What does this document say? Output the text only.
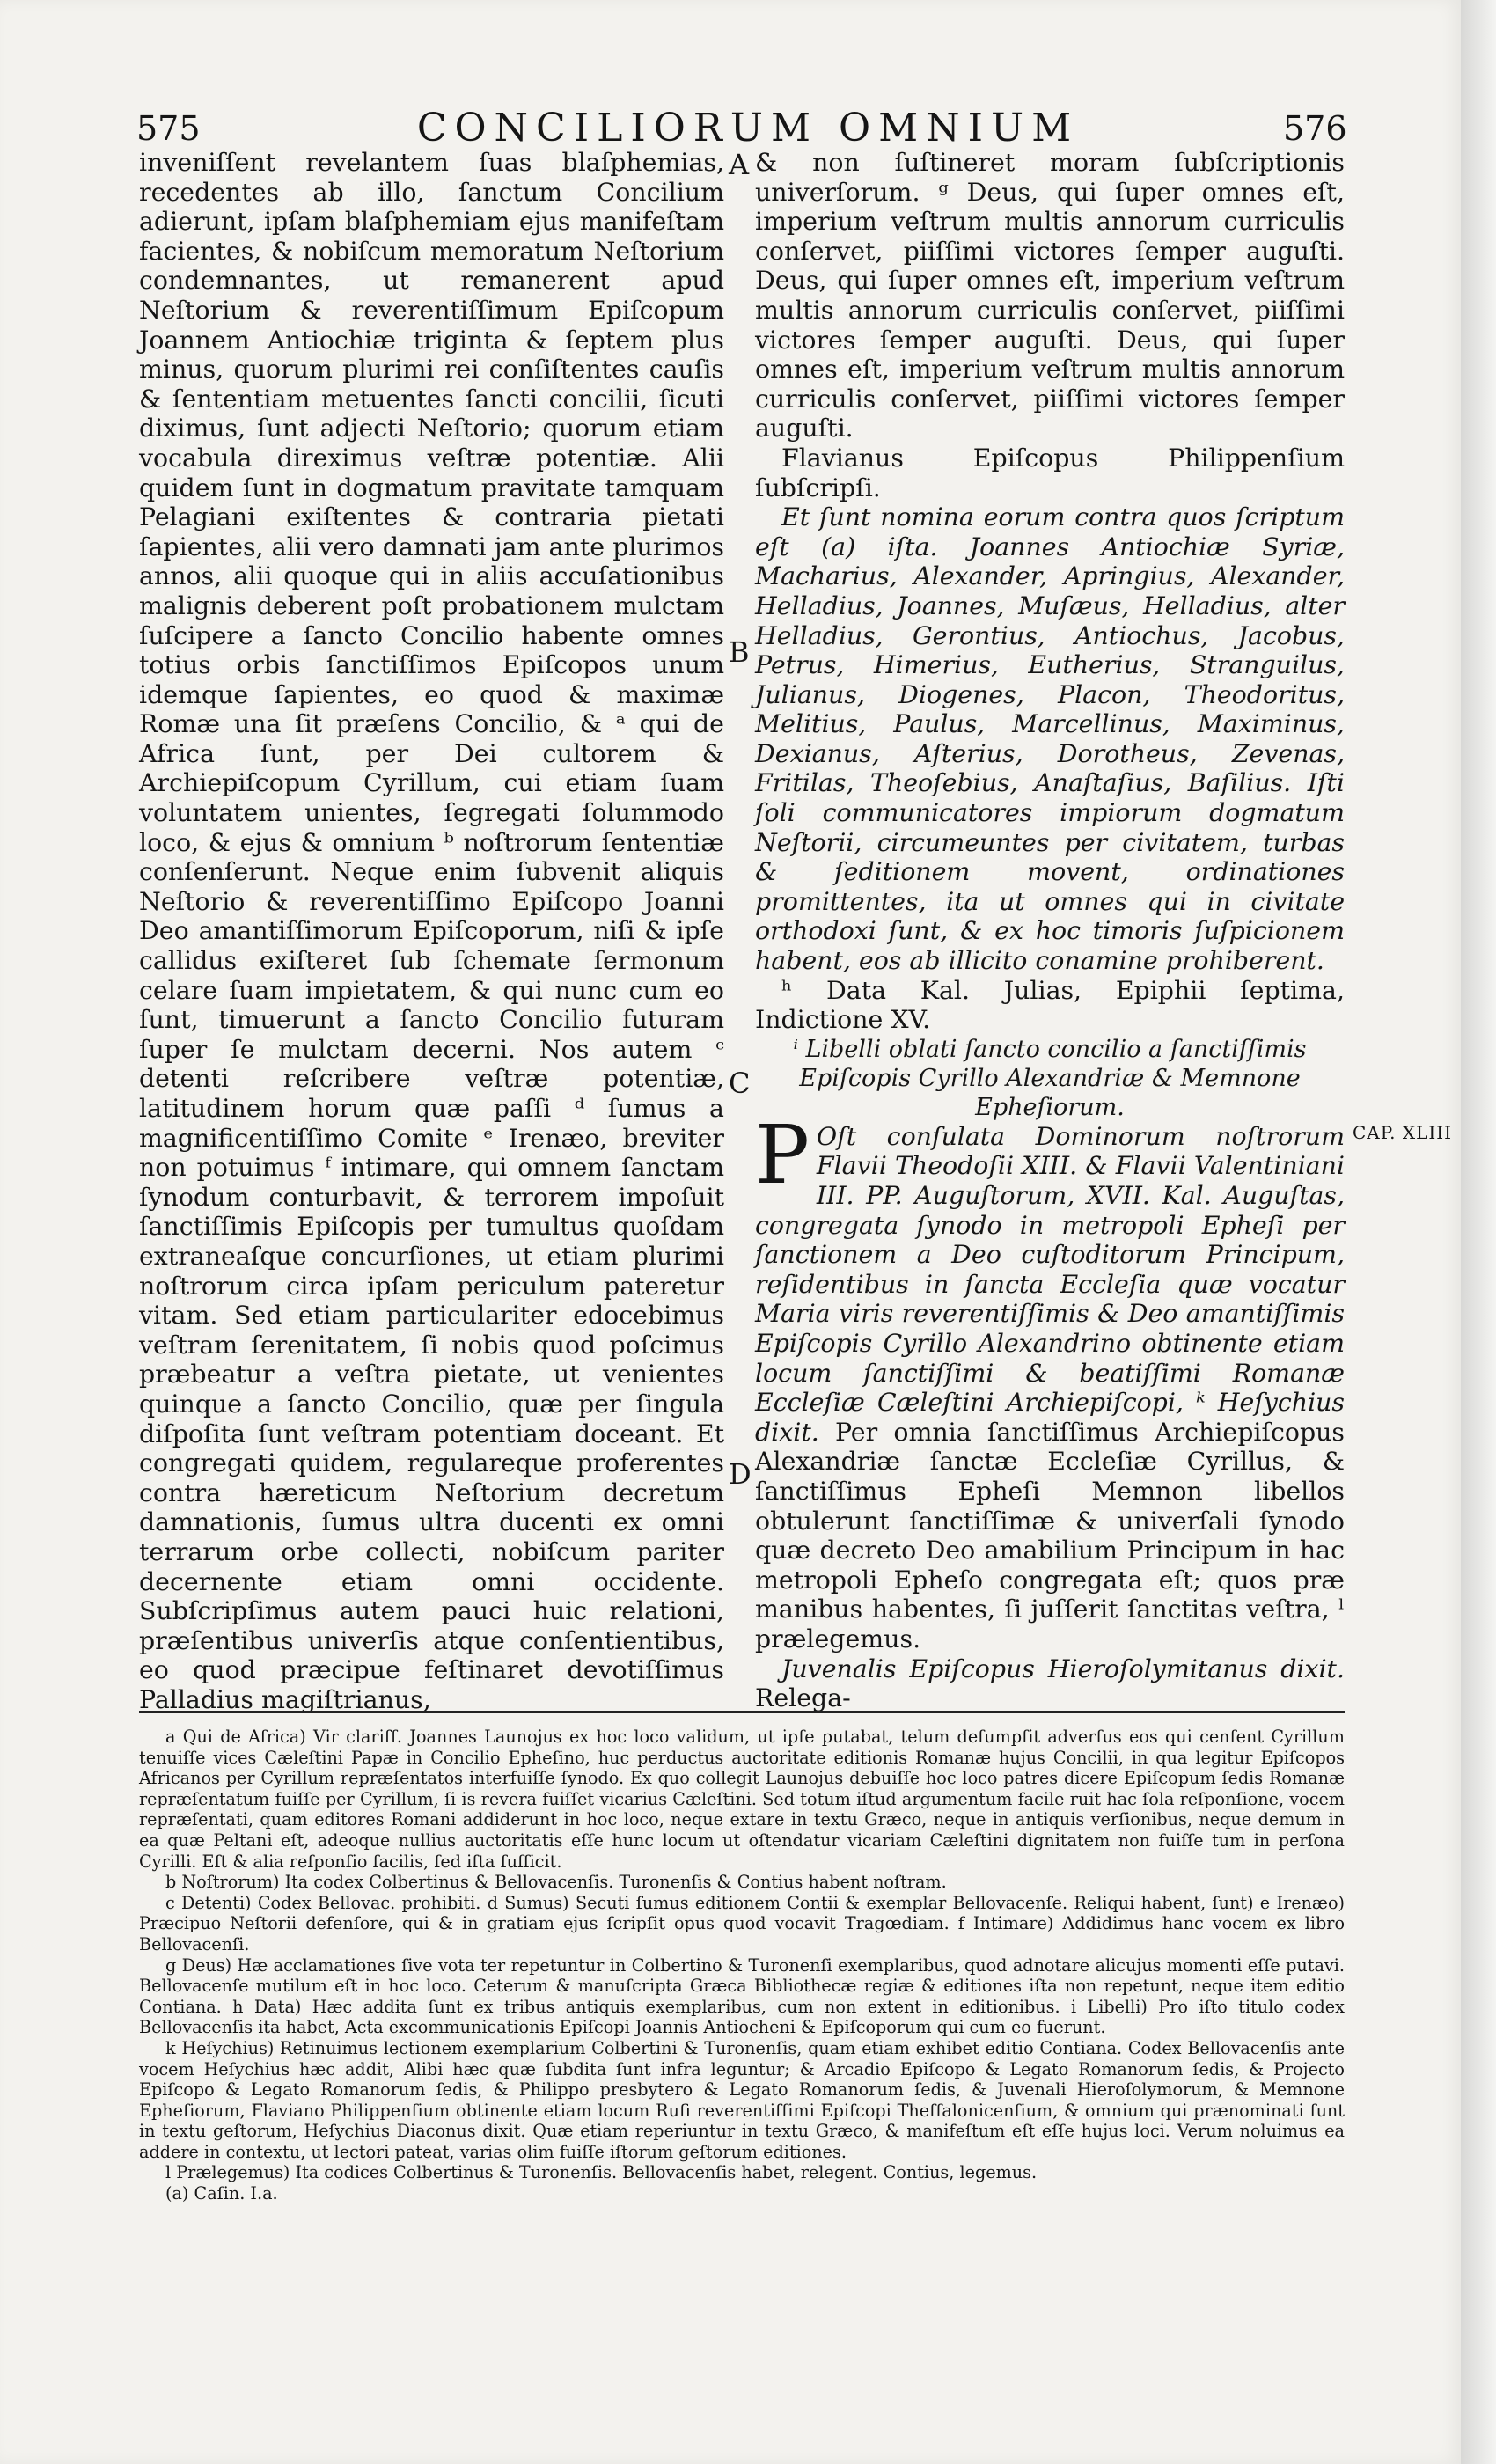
575	CONCILIORUM OMNIUM	576

inveniſſent revelantem ſuas blaſphemias, recedentes ab illo, ſanctum Concilium adierunt, ipſam blaſphemiam ejus manifeſtam facientes, & nobiſcum memoratum Neſtorium condemnantes, ut remanerent apud Neſtorium & reverentiſſimum Epiſcopum Joannem Antiochiæ triginta & ſeptem plus minus, quorum plurimi rei conſiſtentes cauſis & ſententiam metuentes ſancti concilii, ſicuti diximus, ſunt adjecti Neſtorio; quorum etiam vocabula direximus veſtræ potentiæ. Alii quidem ſunt in dogmatum pravitate tamquam Pelagiani exiſtentes & contraria pietati ſapientes, alii vero damnati jam ante plurimos annos, alii quoque qui in aliis accuſationibus malignis deberent poſt probationem mulctam ſuſcipere a ſancto Concilio habente omnes totius orbis ſanctiſſimos Epiſcopos unum idemque ſapientes, eo quod & maximæ Romæ una ſit præſens Concilio, & ᵃ qui de Africa ſunt, per Dei cultorem & Archiepiſcopum Cyrillum, cui etiam ſuam voluntatem unientes, ſegregati ſolummodo loco, & ejus & omnium ᵇ noſtrorum ſententiæ conſenſerunt. Neque enim ſubvenit aliquis Neſtorio & reverentiſſimo Epiſcopo Joanni Deo amantiſſimorum Epiſcoporum, niſi & ipſe callidus exiſteret ſub ſchemate ſermonum celare ſuam impietatem, & qui nunc cum eo ſunt, timuerunt a ſancto Concilio futuram ſuper ſe mulctam decerni. Nos autem ᶜ detenti reſcribere veſtræ potentiæ, latitudinem horum quæ paſſi ᵈ ſumus a magnificentiſſimo Comite ᵉ Irenæo, breviter non potuimus ᶠ intimare, qui omnem ſanctam ſynodum conturbavit, & terrorem impoſuit ſanctiſſimis Epiſcopis per tumultus quoſdam extraneaſque concurſiones, ut etiam plurimi noſtrorum circa ipſam periculum pateretur vitam. Sed etiam particulariter edocebimus veſtram ſerenitatem, ſi nobis quod poſcimus præbeatur a veſtra pietate, ut venientes quinque a ſancto Concilio, quæ per ſingula diſpoſita ſunt veſtram potentiam doceant. Et congregati quidem, regulareque proferentes contra hæreticum Neſtorium decretum damnationis, ſumus ultra ducenti ex omni terrarum orbe collecti, nobiſcum pariter decernente etiam omni occidente. Subſcripſimus autem pauci huic relationi, præſentibus univerſis atque conſentientibus, eo quod præcipue feſtinaret devotiſſimus Palladius magiſtrianus,

A
B
C
D

& non ſuſtineret moram ſubſcriptionis univerſorum. ᵍ Deus, qui ſuper omnes eſt, imperium veſtrum multis annorum curriculis conſervet, piiſſimi victores ſemper auguſti. Deus, qui ſuper omnes eſt, imperium veſtrum multis annorum curriculis conſervet, piiſſimi victores ſemper auguſti. Deus, qui ſuper omnes eſt, imperium veſtrum multis annorum curriculis conſervet, piiſſimi victores ſemper auguſti.

Flavianus Epiſcopus Philippenſium ſubſcripſi.

Et ſunt nomina eorum contra quos ſcriptum eſt (a) iſta. Joannes Antiochiæ Syriæ, Macharius, Alexander, Apringius, Alexander, Helladius, Joannes, Muſæus, Helladius, alter Helladius, Gerontius, Antiochus, Jacobus, Petrus, Himerius, Eutherius, Stranguilus, Julianus, Diogenes, Placon, Theodoritus, Melitius, Paulus, Marcellinus, Maximinus, Dexianus, Aſterius, Dorotheus, Zevenas, Fritilas, Theoſebius, Anaſtaſius, Baſilius. Iſti ſoli communicatores impiorum dogmatum Neſtorii, circumeuntes per civitatem, turbas & ſeditionem movent, ordinationes promittentes, ita ut omnes qui in civitate orthodoxi ſunt, & ex hoc timoris ſuſpicionem habent, eos ab illicito conamine prohiberent.

ʰ Data Kal. Julias, Epiphii ſeptima, Indictione XV.

ⁱ Libelli oblati ſancto concilio a ſanctiſſimis Epiſcopis Cyrillo Alexandriæ & Memnone Epheſiorum.

P Oſt conſulata Dominorum noſtrorum Flavii Theodoſii XIII. & Flavii Valentiniani III. PP. Auguſtorum, XVII. Kal. Auguſtas, congregata ſynodo in metropoli Epheſi per ſanctionem a Deo cuſtoditorum Principum, reſidentibus in ſancta Eccleſia quæ vocatur Maria viris reverentiſſimis & Deo amantiſſimis Epiſcopis Cyrillo Alexandrino obtinente etiam locum ſanctiſſimi & beatiſſimi Romanæ Eccleſiæ Cæleſtini Archiepiſcopi, ᵏ Heſychius dixit. Per omnia ſanctiſſimus Archiepiſcopus Alexandriæ ſanctæ Eccleſiæ Cyrillus, & ſanctiſſimus Epheſi Memnon libellos obtulerunt ſanctiſſimæ & univerſali ſynodo quæ decreto Deo amabilium Principum in hac metropoli Epheſo congregata eſt; quos præ manibus habentes, ſi juſſerit ſanctitas veſtra, ˡ prælegemus.

Juvenalis Epiſcopus Hieroſolymitanus dixit. Relega-

CAP. XLIII

a Qui de Africa) Vir clariſſ. Joannes Launojus ex hoc loco validum, ut ipſe putabat, telum deſumpſit adverſus eos qui cenſent Cyrillum tenuiſſe vices Cæleſtini Papæ in Concilio Epheſino, huc perductus auctoritate editionis Romanæ hujus Concilii, in qua legitur Epiſcopos Africanos per Cyrillum repræſentatos interfuiſſe ſynodo. Ex quo collegit Launojus debuiſſe hoc loco patres dicere Epiſcopum ſedis Romanæ repræſentatum fuiſſe per Cyrillum, ſi is revera fuiſſet vicarius Cæleſtini. Sed totum iſtud argumentum facile ruit hac ſola reſponſione, vocem repræſentati, quam editores Romani addiderunt in hoc loco, neque extare in textu Græco, neque in antiquis verſionibus, neque demum in ea quæ Peltani eſt, adeoque nullius auctoritatis eſſe hunc locum ut oſtendatur vicariam Cæleſtini dignitatem non fuiſſe tum in perſona Cyrilli. Eſt & alia reſponſio facilis, ſed iſta ſufficit.

b Noſtrorum) Ita codex Colbertinus & Bellovacenſis. Turonenſis & Contius habent noſtram.

c Detenti) Codex Bellovac. prohibiti. d Sumus) Secuti ſumus editionem Contii & exemplar Bellovacenſe. Reliqui habent, ſunt) e Irenæo) Præcipuo Neſtorii defenſore, qui & in gratiam ejus ſcripſit opus quod vocavit Tragœdiam. f Intimare) Addidimus hanc vocem ex libro Bellovacenſi.

g Deus) Hæ acclamationes ſive vota ter repetuntur in Colbertino & Turonenſi exemplaribus, quod adnotare alicujus momenti eſſe putavi. Bellovacenſe mutilum eſt in hoc loco. Ceterum & manuſcripta Græca Bibliothecæ regiæ & editiones iſta non repetunt, neque item editio Contiana. h Data) Hæc addita ſunt ex tribus antiquis exemplaribus, cum non extent in editionibus. i Libelli) Pro iſto titulo codex Bellovacenſis ita habet, Acta excommunicationis Epiſcopi Joannis Antiocheni & Epiſcoporum qui cum eo fuerunt.

k Heſychius) Retinuimus lectionem exemplarium Colbertini & Turonenſis, quam etiam exhibet editio Contiana. Codex Bellovacenſis ante vocem Heſychius hæc addit, Alibi hæc quæ ſubdita ſunt infra leguntur; & Arcadio Epiſcopo & Legato Romanorum ſedis, & Projecto Epiſcopo & Legato Romanorum ſedis, & Philippo presbytero & Legato Romanorum ſedis, & Juvenali Hieroſolymorum, & Memnone Epheſiorum, Flaviano Philippenſium obtinente etiam locum Rufi reverentiſſimi Epiſcopi Theſſalonicenſium, & omnium qui prænominati ſunt in textu geſtorum, Heſychius Diaconus dixit. Quæ etiam reperiuntur in textu Græco, & manifeſtum eſt eſſe hujus loci. Verum noluimus ea addere in contextu, ut lectori pateat, varias olim fuiſſe iſtorum geſtorum editiones.

l Prælegemus) Ita codices Colbertinus & Turonenſis. Bellovacenſis habet, relegent. Contius, legemus.

(a) Caſin. I.a.
